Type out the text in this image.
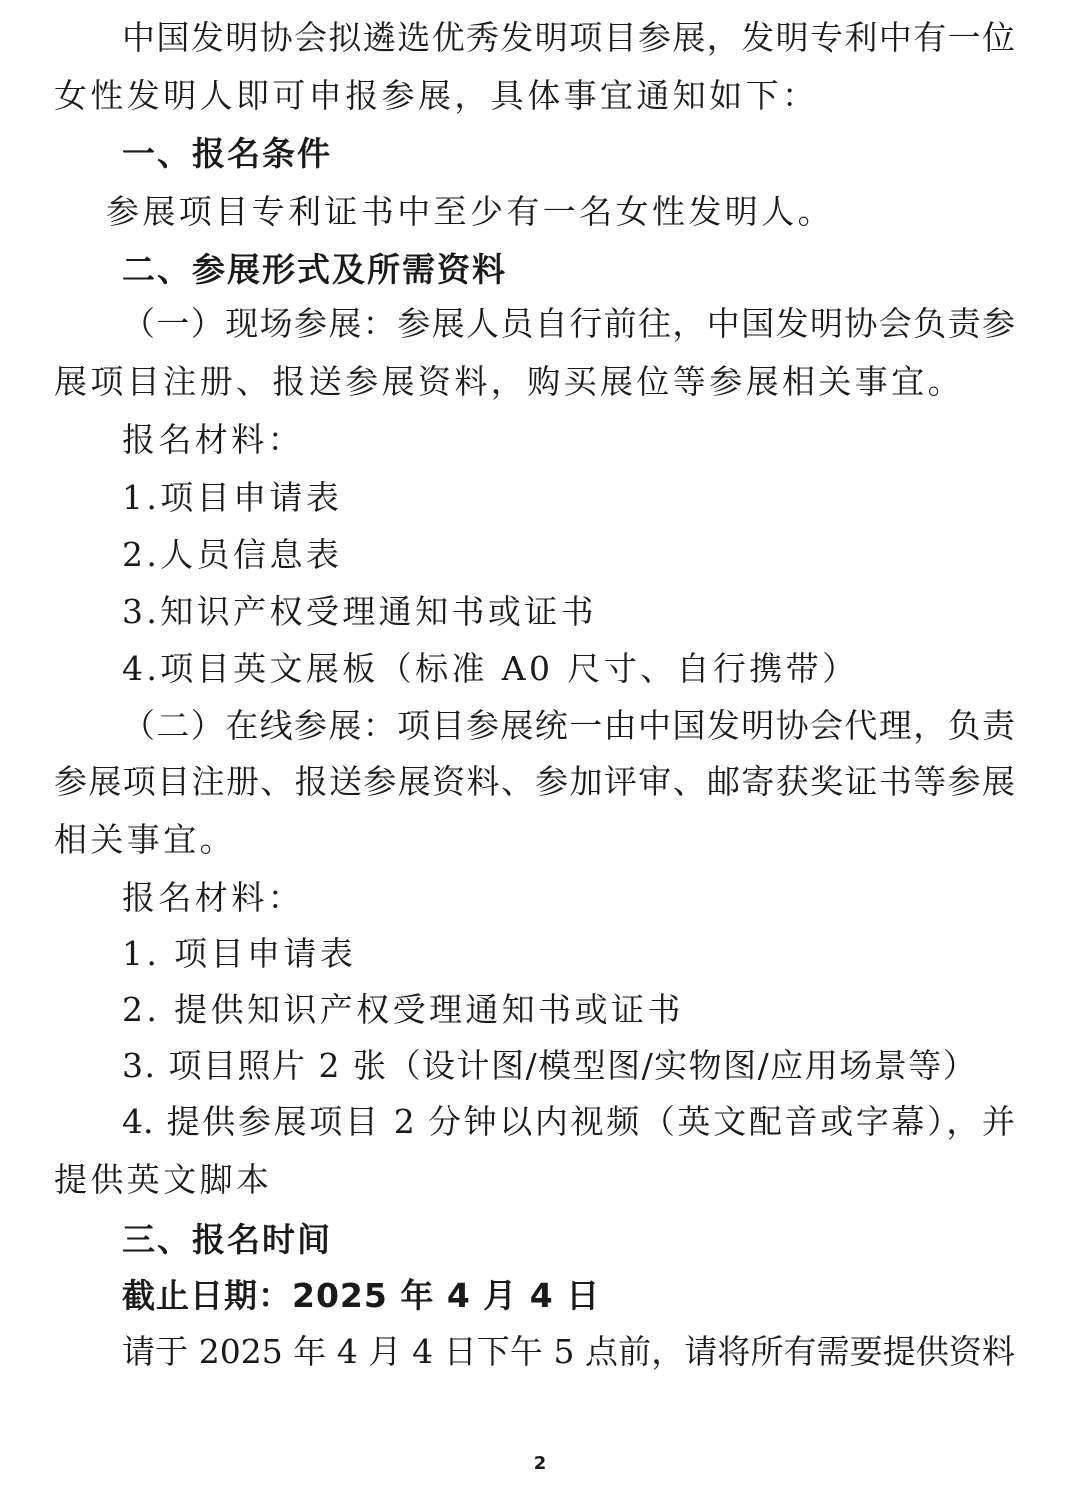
中国发明协会拟遴选优秀发明项目参展，发明专利中有一位
女性发明人即可申报参展，具体事宜通知如下：
一、报名条件
参展项目专利证书中至少有一名女性发明人。
二、参展形式及所需资料
（一）现场参展：参展人员自行前往，中国发明协会负责参
展项目注册、报送参展资料，购买展位等参展相关事宜。
报名材料：
1.项目申请表
2.人员信息表
3.知识产权受理通知书或证书
4.项目英文展板（标准 A0 尺寸、自行携带）
（二）在线参展：项目参展统一由中国发明协会代理，负责
参展项目注册、报送参展资料、参加评审、邮寄获奖证书等参展
相关事宜。
报名材料：
1. 项目申请表
2. 提供知识产权受理通知书或证书
3. 项目照片 2 张（设计图/模型图/实物图/应用场景等）
4. 提供参展项目 2 分钟以内视频（英文配音或字幕），并
提供英文脚本
三、报名时间
截止日期：2025 年 4 月 4 日
请于 2025 年 4 月 4 日下午 5 点前，请将所有需要提供资料
2
